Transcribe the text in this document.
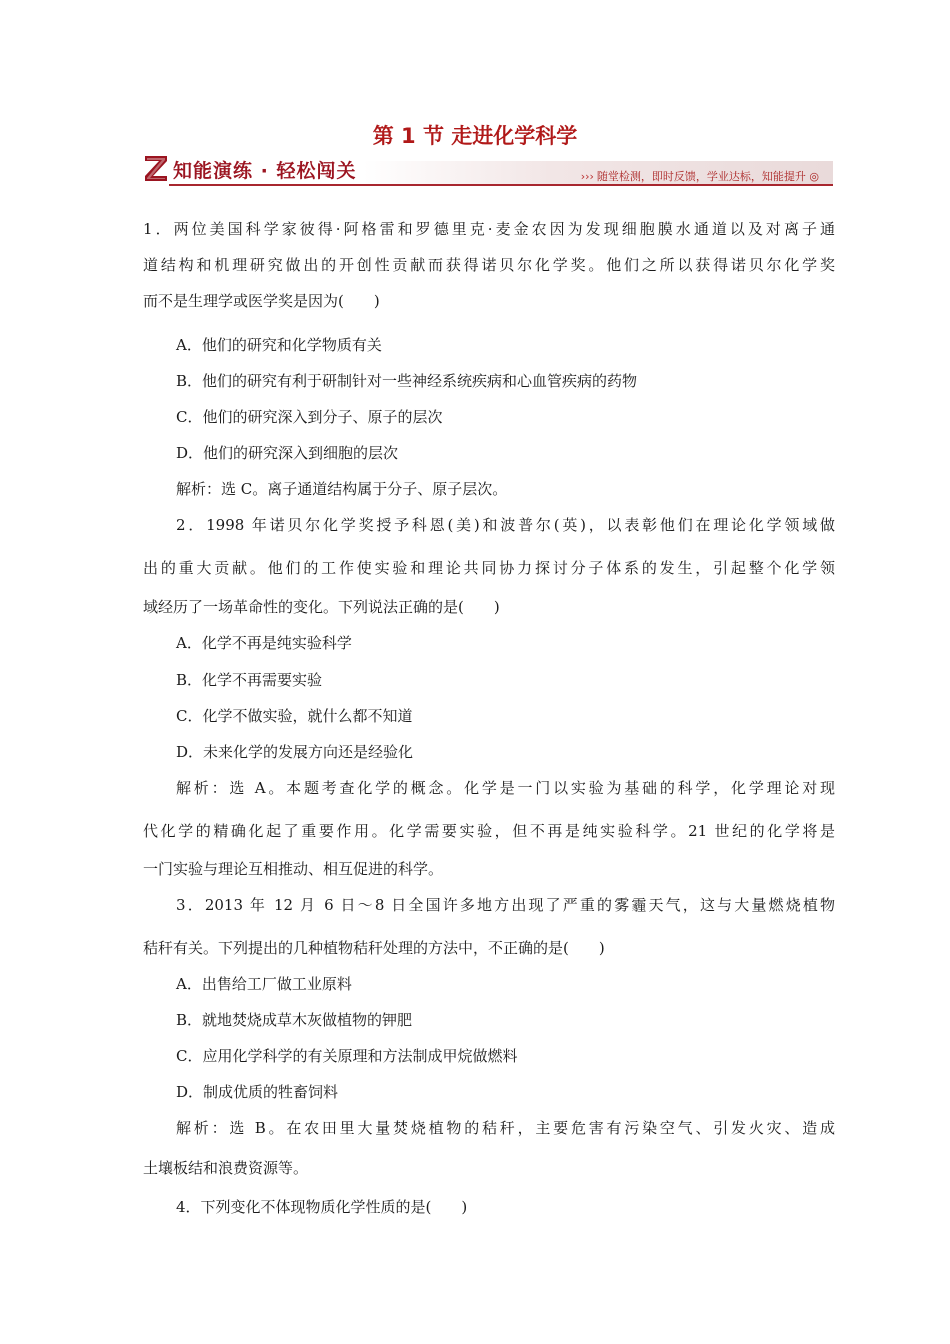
第 1 节 走进化学科学
知能演练 · 轻松闯关	››› 随堂检测，即时反馈，学业达标，知能提升 ◎
1．两位美国科学家彼得·阿格雷和罗德里克·麦金农因为发现细胞膜水通道以及对离子通
道结构和机理研究做出的开创性贡献而获得诺贝尔化学奖。他们之所以获得诺贝尔化学奖
而不是生理学或医学奖是因为(　　)
A．他们的研究和化学物质有关
B．他们的研究有利于研制针对一些神经系统疾病和心血管疾病的药物
C．他们的研究深入到分子、原子的层次
D．他们的研究深入到细胞的层次
解析：选 C。离子通道结构属于分子、原子层次。
2．1998 年诺贝尔化学奖授予科恩(美)和波普尔(英)，以表彰他们在理论化学领域做
出的重大贡献。他们的工作使实验和理论共同协力探讨分子体系的发生，引起整个化学领
域经历了一场革命性的变化。下列说法正确的是(　　)
A．化学不再是纯实验科学
B．化学不再需要实验
C．化学不做实验，就什么都不知道
D．未来化学的发展方向还是经验化
解析：选 A。本题考查化学的概念。化学是一门以实验为基础的科学，化学理论对现
代化学的精确化起了重要作用。化学需要实验，但不再是纯实验科学。21 世纪的化学将是
一门实验与理论互相推动、相互促进的科学。
3．2013 年 12 月 6 日～8 日全国许多地方出现了严重的雾霾天气，这与大量燃烧植物
秸秆有关。下列提出的几种植物秸秆处理的方法中，不正确的是(　　)
A．出售给工厂做工业原料
B．就地焚烧成草木灰做植物的钾肥
C．应用化学科学的有关原理和方法制成甲烷做燃料
D．制成优质的牲畜饲料
解析：选 B。在农田里大量焚烧植物的秸秆，主要危害有污染空气、引发火灾、造成
土壤板结和浪费资源等。
4．下列变化不体现物质化学性质的是(　　)
